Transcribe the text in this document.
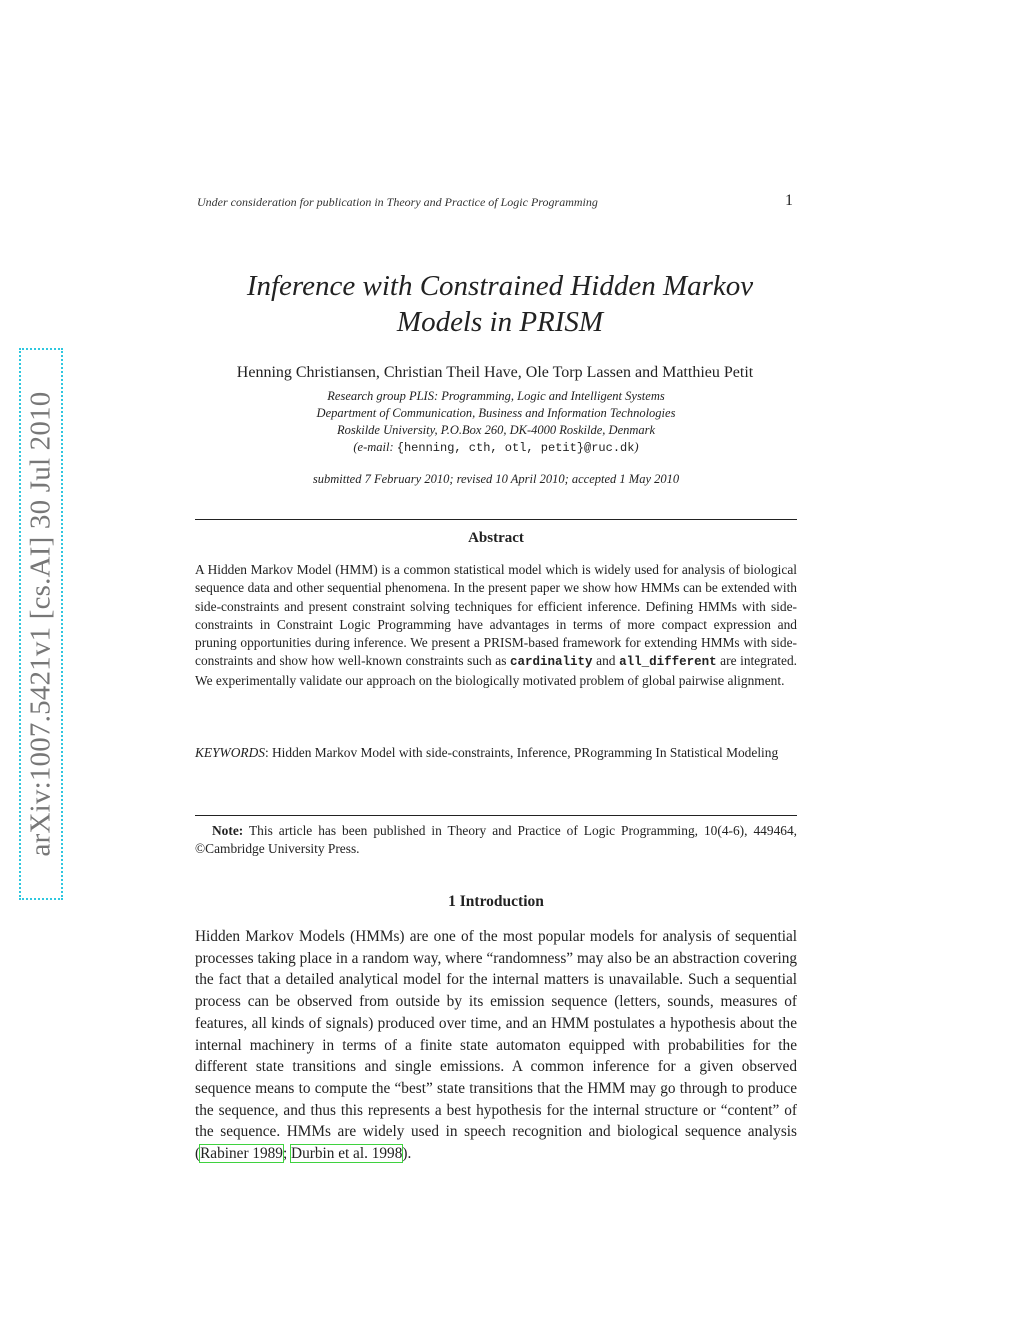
arXiv:1007.5421v1 [cs.AI] 30 Jul 2010
Under consideration for publication in Theory and Practice of Logic Programming	1
Inference with Constrained Hidden Markov
Models in PRISM
Henning Christiansen, Christian Theil Have, Ole Torp Lassen and Matthieu Petit
Research group PLIS: Programming, Logic and Intelligent Systems
Department of Communication, Business and Information Technologies
Roskilde University, P.O.Box 260, DK-4000 Roskilde, Denmark
(e-mail: {henning, cth, otl, petit}@ruc.dk)
submitted 7 February 2010; revised 10 April 2010; accepted 1 May 2010
Abstract
A Hidden Markov Model (HMM) is a common statistical model which is widely used for analysis of biological sequence data and other sequential phenomena. In the present paper we show how HMMs can be extended with side-constraints and present constraint solving techniques for efficient inference. Defining HMMs with side-constraints in Constraint Logic Programming have advantages in terms of more compact expression and pruning opportunities during inference. We present a PRISM-based framework for extending HMMs with side-constraints and show how well-known constraints such as cardinality and all_different are integrated. We experimentally validate our approach on the biologically motivated problem of global pairwise alignment.
KEYWORDS: Hidden Markov Model with side-constraints, Inference, PRogramming In Statistical Modeling
Note: This article has been published in Theory and Practice of Logic Programming, 10(4-6), 449464, ©Cambridge University Press.
1 Introduction
Hidden Markov Models (HMMs) are one of the most popular models for analysis of sequential processes taking place in a random way, where “randomness” may also be an abstraction covering the fact that a detailed analytical model for the internal matters is unavailable. Such a sequential process can be observed from outside by its emission sequence (letters, sounds, measures of features, all kinds of signals) produced over time, and an HMM postulates a hypothesis about the internal machinery in terms of a finite state automaton equipped with probabilities for the different state transitions and single emissions. A common inference for a given observed sequence means to compute the “best” state transitions that the HMM may go through to produce the sequence, and thus this represents a best hypothesis for the internal structure or “content” of the sequence. HMMs are widely used in speech recognition and biological sequence analysis (Rabiner 1989; Durbin et al. 1998).
